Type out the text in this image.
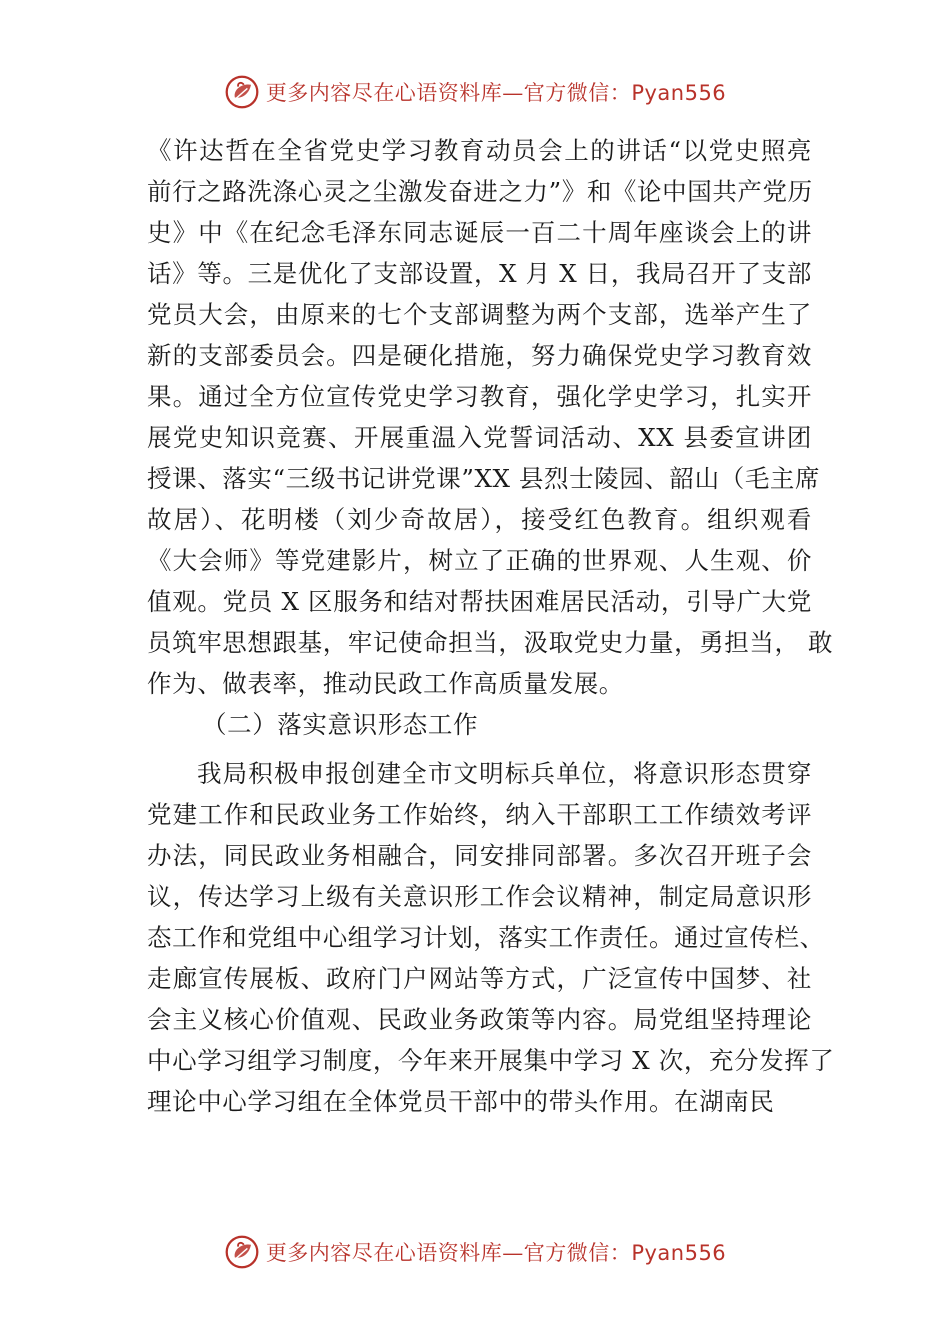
更多内容尽在心语资料库—官方微信：Pyan556
《许达哲在全省党史学习教育动员会上的讲话“以党史照亮
前行之路洗涤心灵之尘激发奋进之力”》和《论中国共产党历
史》中《在纪念毛泽东同志诞辰一百二十周年座谈会上的讲
话》等。三是优化了支部设置，X 月 X 日，我局召开了支部
党员大会，由原来的七个支部调整为两个支部，选举产生了
新的支部委员会。四是硬化措施，努力确保党史学习教育效
果。通过全方位宣传党史学习教育，强化学史学习，扎实开
展党史知识竞赛、开展重温入党誓词活动、XX 县委宣讲团
授课、落实“三级书记讲党课”XX 县烈士陵园、韶山（毛主席
故居）、花明楼（刘少奇故居），接受红色教育。组织观看
《大会师》等党建影片，树立了正确的世界观、人生观、价
值观。党员 X 区服务和结对帮扶困难居民活动，引导广大党
员筑牢思想跟基，牢记使命担当，汲取党史力量，勇担当， 敢
作为、做表率，推动民政工作高质量发展。
（二）落实意识形态工作
我局积极申报创建全市文明标兵单位，将意识形态贯穿
党建工作和民政业务工作始终，纳入干部职工工作绩效考评
办法，同民政业务相融合，同安排同部署。多次召开班子会
议，传达学习上级有关意识形工作会议精神，制定局意识形
态工作和党组中心组学习计划，落实工作责任。通过宣传栏、
走廊宣传展板、政府门户网站等方式，广泛宣传中国梦、社
会主义核心价值观、民政业务政策等内容。局党组坚持理论
中心学习组学习制度，今年来开展集中学习 X 次，充分发挥了
理论中心学习组在全体党员干部中的带头作用。在湖南民
更多内容尽在心语资料库—官方微信：Pyan556
